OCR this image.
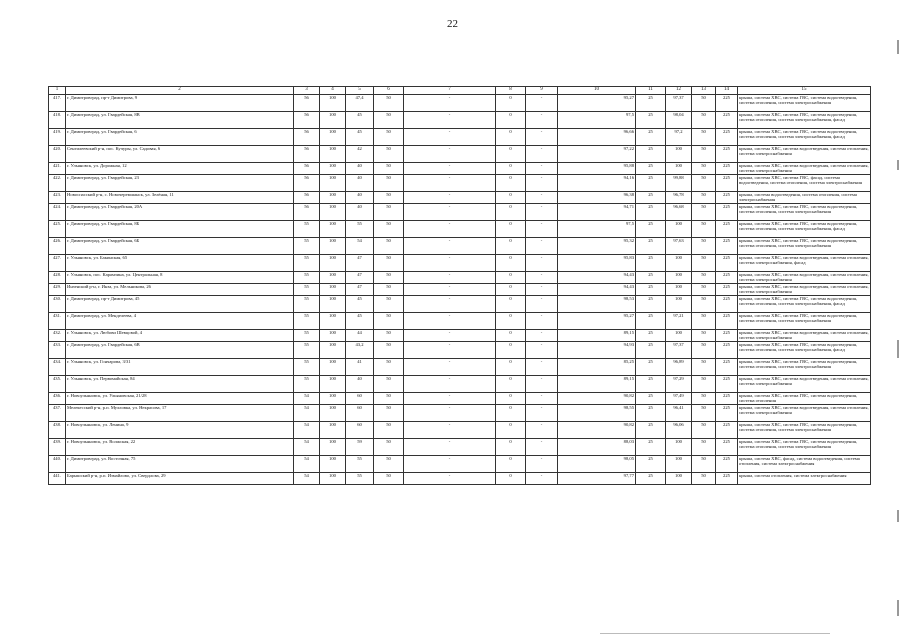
22
1	2	3	4	5	6	7	8	9	10	11	12	13	14	15
417.	г. Димитровград, пр-т Димитрова, 9	56	100	47,4	50	-	0	-	95,27	25	97,37	50	225	крыша, система ХВС, система ГВС, система водоотведения, система отопления, система электроснабжения
418.	г. Димитровград, ул. Гвардейская, 8В	56	100	45	50	-	0	-	97,5	25	98,04	50	225	крыша, система ХВС, система ГВС, система водоотведения, система отопления, система электроснабжения, фасад
419.	г. Димитровград, ул. Гвардейская, 6	56	100	45	50	-	0	-	96,66	25	97,2	50	225	крыша, система ХВС, система ГВС, система водоотведения, система отопления, система электроснабжения, фасад
420.	Сенгилеевский р-н, пос. Кучуры, ул. Садовая, 6	56	100	42	50	-	0	-	97,22	25	100	50	225	крыша, система ХВС, система водоотведения, система отопления, система электроснабжения
421.	г. Ульяновск, ул. Дорожная, 12	56	100	40	50	-	0	-	95,88	25	100	50	225	крыша, система ХВС, система водоотведения, система отопления, система электроснабжения
422.	г. Димитровград, ул. Гвардейская, 23	56	100	40	50	-	0	-	94,16	25	99,88	50	225	крыша, система ХВС, система ГВС, фасад, система водоотведения, система отопления, система электроснабжения
423.	Новоспасский р-н, с. Новочеремшанск, ул. Зелёная, 11	56	100	40	50	-	0	-	96,38	25	96,78	50	225	крыша, система водоотведения, система отопления, система электроснабжения
424.	г. Димитровград, ул. Гвардейская, 20А	56	100	40	50	-	0	-	94,71	25	96,68	50	225	крыша, система ХВС, система ГВС, система водоотведения, система отопления, система электроснабжения
425.	г. Димитровград, ул. Гвардейская, 8Б	55	100	55	50	-	0	-	97,5	25	100	50	225	крыша, система ХВС, система ГВС, система водоотведения, система отопления, система электроснабжения, фасад
426.	г. Димитровград, ул. Гвардейская, 6Б	55	100	54	50	-	0	-	95,32	25	97,63	50	225	крыша, система ХВС, система ГВС, система водоотведения, система отопления, система электроснабжения
427.	г. Ульяновск, ул. Бакинская, 65	55	100	47	50	-	0	-	95,83	25	100	50	225	крыша, система ХВС, система водоотведения, система отопления, система электроснабжения, фасад
428.	г. Ульяновск, пос. Карамзина, ул. Центральная, 8	55	100	47	50	-	0	-	94,43	25	100	50	225	крыша, система ХВС, система водоотведения, система отопления, система электроснабжения
429.	Инзенский р-н, г. Инза, ул. Мельникова, 26	55	100	47	50	-	0	-	94,43	25	100	50	225	крыша, система ХВС, система водоотведения, система отопления, система электроснабжения
430.	г. Димитровград, пр-т Димитрова, 45	55	100	45	50	-	0	-	98,53	25	100	50	225	крыша, система ХВС, система ГВС, система водоотведения, система отопления, система электроснабжения, фасад
431.	г. Димитровград, ул. Менделеева, 4	55	100	45	50	-	0	-	95,27	25	97,21	50	225	крыша, система ХВС, система ГВС, система водоотведения, система отопления, система электроснабжения
432.	г. Ульяновск, ул. Любови Шевцовой, 4	55	100	44	50	-	0	-	89,15	25	100	50	225	крыша, система ХВС, система водоотведения, система отопления, система электроснабжения
433.	г. Димитровград, ул. Гвардейская, 6В	55	100	43,2	50	-	0	-	94,93	25	97,37	50	225	крыша, система ХВС, система ГВС, система водоотведения, система отопления, система электроснабжения, фасад
434.	г. Ульяновск, ул. Гончарова, 3/31	55	100	41	50	-	0	-	85,25	25	96,89	50	225	крыша, система ХВС, система ГВС, система водоотведения, система отопления, система электроснабжения
435.	г. Ульяновск, ул. Первомайская, 84	55	100	40	50	-	0	-	89,15	25	97,29	50	225	крыша, система ХВС, система водоотведения, система отопления, система электроснабжения
436.	г. Новоульяновск, ул. Ульяновская, 21/28	54	100	60	50	-	0	-	90,82	25	97,49	50	225	крыша, система ХВС, система ГВС, система водоотведения, система отопления
437.	Мелекесский р-н, р.п. Мулловка, ул. Некрасова, 17	54	100	60	50	-	0	-	98,55	25	96,41	50	225	крыша, система ХВС, система водоотведения, система отопления, система электроснабжения
438.	г. Новоульяновск, ул. Ленина, 9	54	100	60	50	-	0	-	90,82	25	96,06	50	225	крыша, система ХВС, система ГВС, система водоотведения, система отопления, система электроснабжения
439.	г. Новоульяновск, ул. Волжская, 22	54	100	59	50	-	0	-	88,03	25	100	50	225	крыша, система ХВС, система ГВС, система водоотведения, система отопления, система электроснабжения
440.	г. Димитровград, ул. Восточная, 75	54	100	55	50	-	0	-	98,05	25	100	50	225	крыша, система ХВС, фасад, система водоотведения, система отопления, система электроснабжения
441.	Барышский р-н, р.п. Измайлово, ул. Свердлова, 29	54	100	55	50	-	0	-	97,77	25	100	50	225	крыша, система отопления, система электроснабжения
